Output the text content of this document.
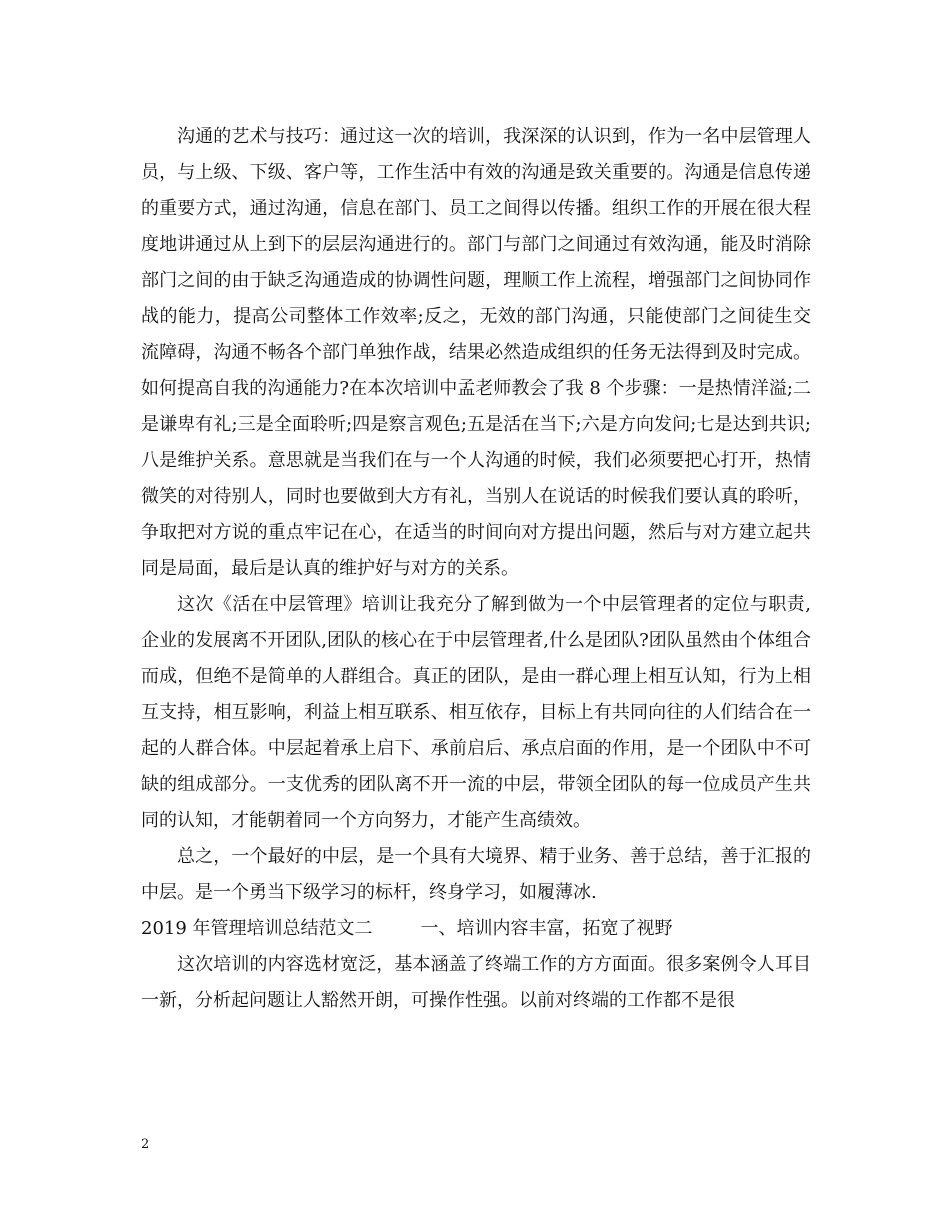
沟通的艺术与技巧：通过这一次的培训，我深深的认识到，作为一名中层管理人员，与上级、下级、客户等，工作生活中有效的沟通是致关重要的。沟通是信息传递的重要方式，通过沟通，信息在部门、员工之间得以传播。组织工作的开展在很大程度地讲通过从上到下的层层沟通进行的。部门与部门之间通过有效沟通，能及时消除部门之间的由于缺乏沟通造成的协调性问题，理顺工作上流程，增强部门之间协同作战的能力，提高公司整体工作效率;反之，无效的部门沟通，只能使部门之间徒生交流障碍，沟通不畅各个部门单独作战，结果必然造成组织的任务无法得到及时完成。如何提高自我的沟通能力?在本次培训中孟老师教会了我 8 个步骤：一是热情洋溢;二是谦卑有礼;三是全面聆听;四是察言观色;五是活在当下;六是方向发问;七是达到共识;八是维护关系。意思就是当我们在与一个人沟通的时候，我们必须要把心打开，热情微笑的对待别人，同时也要做到大方有礼，当别人在说话的时候我们要认真的聆听，争取把对方说的重点牢记在心，在适当的时间向对方提出问题，然后与对方建立起共同是局面，最后是认真的维护好与对方的关系。

这次《活在中层管理》培训让我充分了解到做为一个中层管理者的定位与职责,企业的发展离不开团队,团队的核心在于中层管理者,什么是团队?团队虽然由个体组合而成，但绝不是简单的人群组合。真正的团队，是由一群心理上相互认知，行为上相互支持，相互影响，利益上相互联系、相互依存，目标上有共同向往的人们结合在一起的人群合体。中层起着承上启下、承前启后、承点启面的作用，是一个团队中不可缺的组成部分。一支优秀的团队离不开一流的中层，带领全团队的每一位成员产生共同的认知，才能朝着同一个方向努力，才能产生高绩效。

总之，一个最好的中层，是一个具有大境界、精于业务、善于总结，善于汇报的中层。是一个勇当下级学习的标杆，终身学习，如履薄冰.

2019 年管理培训总结范文二	一、培训内容丰富，拓宽了视野

这次培训的内容选材宽泛，基本涵盖了终端工作的方方面面。很多案例令人耳目一新，分析起问题让人豁然开朗，可操作性强。以前对终端的工作都不是很

2
